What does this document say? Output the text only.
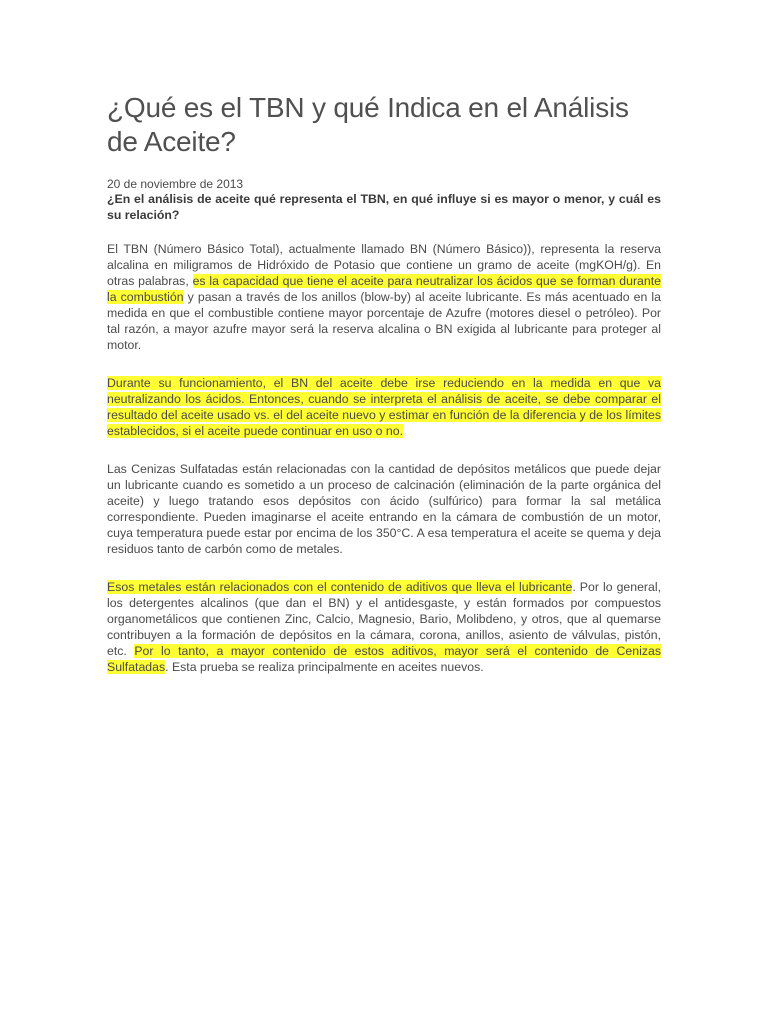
¿Qué es el TBN y qué Indica en el Análisis de Aceite?
20 de noviembre de 2013
¿En el análisis de aceite qué representa el TBN, en qué influye si es mayor o menor, y cuál es su relación?

El TBN (Número Básico Total), actualmente llamado BN (Número Básico)), representa la reserva alcalina en miligramos de Hidróxido de Potasio que contiene un gramo de aceite (mgKOH/g). En otras palabras, es la capacidad que tiene el aceite para neutralizar los ácidos que se forman durante la combustión y pasan a través de los anillos (blow-by) al aceite lubricante. Es más acentuado en la medida en que el combustible contiene mayor porcentaje de Azufre (motores diesel o petróleo). Por tal razón, a mayor azufre mayor será la reserva alcalina o BN exigida al lubricante para proteger al motor.

Durante su funcionamiento, el BN del aceite debe irse reduciendo en la medida en que va neutralizando los ácidos. Entonces, cuando se interpreta el análisis de aceite, se debe comparar el resultado del aceite usado vs. el del aceite nuevo y estimar en función de la diferencia y de los límites establecidos, si el aceite puede continuar en uso o no.

Las Cenizas Sulfatadas están relacionadas con la cantidad de depósitos metálicos que puede dejar un lubricante cuando es sometido a un proceso de calcinación (eliminación de la parte orgánica del aceite) y luego tratando esos depósitos con ácido (sulfúrico) para formar la sal metálica correspondiente. Pueden imaginarse el aceite entrando en la cámara de combustión de un motor, cuya temperatura puede estar por encima de los 350°C. A esa temperatura el aceite se quema y deja residuos tanto de carbón como de metales.

Esos metales están relacionados con el contenido de aditivos que lleva el lubricante. Por lo general, los detergentes alcalinos (que dan el BN) y el antidesgaste, y están formados por compuestos organometálicos que contienen Zinc, Calcio, Magnesio, Bario, Molibdeno, y otros, que al quemarse contribuyen a la formación de depósitos en la cámara, corona, anillos, asiento de válvulas, pistón, etc. Por lo tanto, a mayor contenido de estos aditivos, mayor será el contenido de Cenizas Sulfatadas. Esta prueba se realiza principalmente en aceites nuevos.
